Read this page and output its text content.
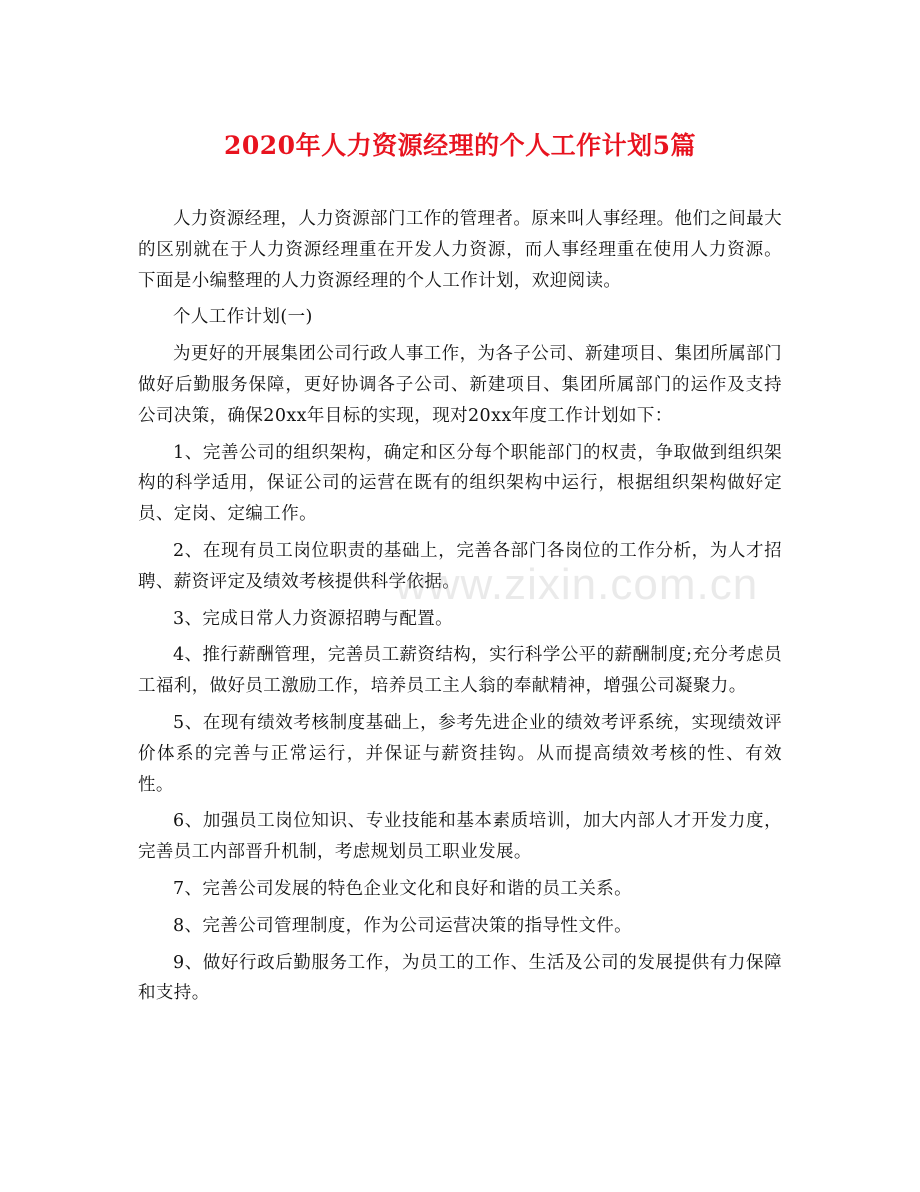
2020年人力资源经理的个人工作计划5篇

人力资源经理，人力资源部门工作的管理者。原来叫人事经理。他们之间最大的区别就在于人力资源经理重在开发人力资源，而人事经理重在使用人力资源。下面是小编整理的人力资源经理的个人工作计划，欢迎阅读。

个人工作计划(一)

为更好的开展集团公司行政人事工作，为各子公司、新建项目、集团所属部门做好后勤服务保障，更好协调各子公司、新建项目、集团所属部门的运作及支持公司决策，确保20xx年目标的实现，现对20xx年度工作计划如下：

1、完善公司的组织架构，确定和区分每个职能部门的权责，争取做到组织架构的科学适用，保证公司的运营在既有的组织架构中运行，根据组织架构做好定员、定岗、定编工作。

2、在现有员工岗位职责的基础上，完善各部门各岗位的工作分析，为人才招聘、薪资评定及绩效考核提供科学依据。

3、完成日常人力资源招聘与配置。

4、推行薪酬管理，完善员工薪资结构，实行科学公平的薪酬制度;充分考虑员工福利，做好员工激励工作，培养员工主人翁的奉献精神，增强公司凝聚力。

5、在现有绩效考核制度基础上，参考先进企业的绩效考评系统，实现绩效评价体系的完善与正常运行，并保证与薪资挂钩。从而提高绩效考核的性、有效性。

6、加强员工岗位知识、专业技能和基本素质培训，加大内部人才开发力度，完善员工内部晋升机制，考虑规划员工职业发展。

7、完善公司发展的特色企业文化和良好和谐的员工关系。

8、完善公司管理制度，作为公司运营决策的指导性文件。

9、做好行政后勤服务工作，为员工的工作、生活及公司的发展提供有力保障和支持。

www.zixin.com.cn
